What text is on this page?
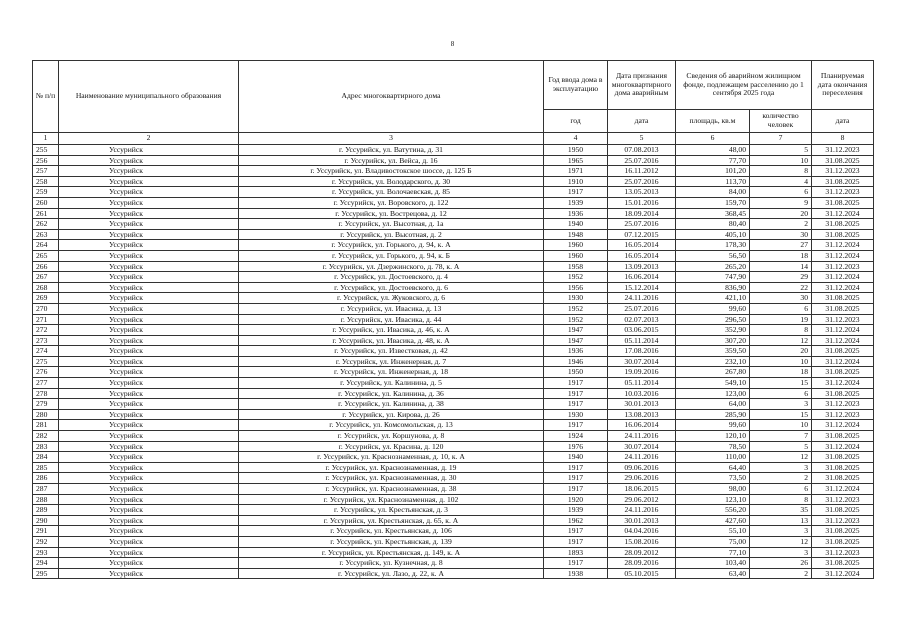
8
№ п/п	Наименование муниципального образования	Адрес многоквартирного дома	Год ввода дома в эксплуатацию	Дата признания многоквартирного дома аварийным	Сведения об аварийном жилищном фонде, подлежащем расселению до 1 сентября 2025 года		Планируемая дата окончания переселения
			год	дата	площадь, кв.м	количество человек	дата
1	2	3	4	5	6	7	8
255	Уссурийск	г. Уссурийск, ул. Ватутина, д. 31	1950	07.08.2013	48,00	5	31.12.2023
256	Уссурийск	г. Уссурийск, ул. Вейса, д. 16	1965	25.07.2016	77,70	10	31.08.2025
257	Уссурийск	г. Уссурийск, ул. Владивостокское шоссе, д. 125 Б	1971	16.11.2012	101,20	8	31.12.2023
258	Уссурийск	г. Уссурийск, ул. Володарского, д. 30	1910	25.07.2016	113,70	4	31.08.2025
259	Уссурийск	г. Уссурийск, ул. Волочаевская, д. 85	1917	13.05.2013	84,00	6	31.12.2023
260	Уссурийск	г. Уссурийск, ул. Воровского, д. 122	1939	15.01.2016	159,70	9	31.08.2025
261	Уссурийск	г. Уссурийск, ул. Вострецова, д. 12	1936	18.09.2014	368,45	20	31.12.2024
262	Уссурийск	г. Уссурийск, ул. Высотная, д. 1а	1940	25.07.2016	80,40	2	31.08.2025
263	Уссурийск	г. Уссурийск, ул. Высотная, д. 2	1948	07.12.2015	405,10	30	31.08.2025
264	Уссурийск	г. Уссурийск, ул. Горького, д. 94, к. А	1960	16.05.2014	178,30	27	31.12.2024
265	Уссурийск	г. Уссурийск, ул. Горького, д. 94, к. Б	1960	16.05.2014	56,50	18	31.12.2024
266	Уссурийск	г. Уссурийск, ул. Дзержинского, д. 78, к. А	1958	13.09.2013	265,20	14	31.12.2023
267	Уссурийск	г. Уссурийск, ул. Достоевского, д. 4	1952	16.06.2014	747,90	29	31.12.2024
268	Уссурийск	г. Уссурийск, ул. Достоевского, д. 6	1956	15.12.2014	836,90	22	31.12.2024
269	Уссурийск	г. Уссурийск, ул. Жуковского, д. 6	1930	24.11.2016	421,10	30	31.08.2025
270	Уссурийск	г. Уссурийск, ул. Ивасика, д. 13	1952	25.07.2016	99,60	6	31.08.2025
271	Уссурийск	г. Уссурийск, ул. Ивасика, д. 44	1952	02.07.2013	296,50	19	31.12.2023
272	Уссурийск	г. Уссурийск, ул. Ивасика, д. 46, к. А	1947	03.06.2015	352,90	8	31.12.2024
273	Уссурийск	г. Уссурийск, ул. Ивасика, д. 48, к. А	1947	05.11.2014	307,20	12	31.12.2024
274	Уссурийск	г. Уссурийск, ул. Известковая, д. 42	1936	17.08.2016	359,50	20	31.08.2025
275	Уссурийск	г. Уссурийск, ул. Инженерная, д. 7	1946	30.07.2014	232,10	10	31.12.2024
276	Уссурийск	г. Уссурийск, ул. Инженерная, д. 18	1950	19.09.2016	267,80	18	31.08.2025
277	Уссурийск	г. Уссурийск, ул. Калинина, д. 5	1917	05.11.2014	549,10	15	31.12.2024
278	Уссурийск	г. Уссурийск, ул. Калинина, д. 36	1917	10.03.2016	123,00	6	31.08.2025
279	Уссурийск	г. Уссурийск, ул. Калинина, д. 38	1917	30.01.2013	64,00	3	31.12.2023
280	Уссурийск	г. Уссурийск, ул. Кирова, д. 26	1930	13.08.2013	285,90	15	31.12.2023
281	Уссурийск	г. Уссурийск, ул. Комсомольская, д. 13	1917	16.06.2014	99,60	10	31.12.2024
282	Уссурийск	г. Уссурийск, ул. Коршунова, д. 8	1924	24.11.2016	120,10	7	31.08.2025
283	Уссурийск	г. Уссурийск, ул. Красина, д. 120	1976	30.07.2014	78,50	5	31.12.2024
284	Уссурийск	г. Уссурийск, ул. Краснознаменная, д. 10, к. А	1940	24.11.2016	110,00	12	31.08.2025
285	Уссурийск	г. Уссурийск, ул. Краснознаменная, д. 19	1917	09.06.2016	64,40	3	31.08.2025
286	Уссурийск	г. Уссурийск, ул. Краснознаменная, д. 30	1917	29.06.2016	73,50	2	31.08.2025
287	Уссурийск	г. Уссурийск, ул. Краснознаменная, д. 38	1917	18.06.2015	98,00	6	31.12.2024
288	Уссурийск	г. Уссурийск, ул. Краснознаменная, д. 102	1920	29.06.2012	123,10	8	31.12.2023
289	Уссурийск	г. Уссурийск, ул. Крестьянская, д. 3	1939	24.11.2016	556,20	35	31.08.2025
290	Уссурийск	г. Уссурийск, ул. Крестьянская, д. 65, к. А	1962	30.01.2013	427,60	13	31.12.2023
291	Уссурийск	г. Уссурийск, ул. Крестьянская, д. 106	1917	04.04.2016	55,10	3	31.08.2025
292	Уссурийск	г. Уссурийск, ул. Крестьянская, д. 139	1917	15.08.2016	75,00	12	31.08.2025
293	Уссурийск	г. Уссурийск, ул. Крестьянская, д. 149, к. А	1893	28.09.2012	77,10	3	31.12.2023
294	Уссурийск	г. Уссурийск, ул. Кузнечная, д. 8	1917	28.09.2016	103,40	26	31.08.2025
295	Уссурийск	г. Уссурийск, ул. Лазо, д. 22, к. А	1938	05.10.2015	63,40	2	31.12.2024
